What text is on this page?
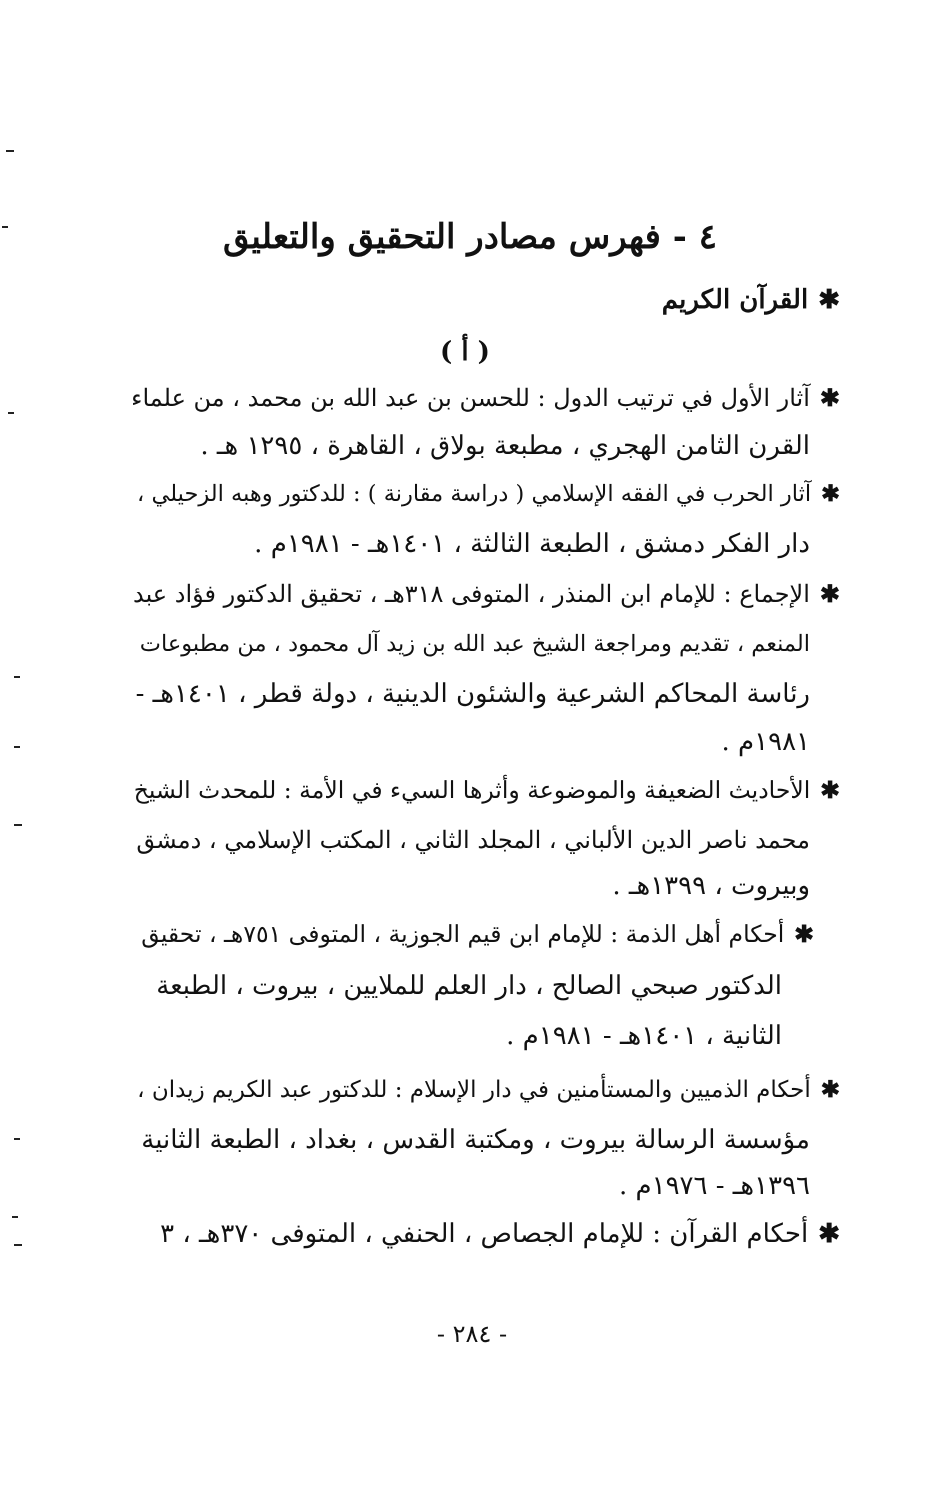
٤ - فهرس مصادر التحقيق والتعليق
✱القرآن الكريم
( أ )
✱آثار الأول في ترتيب الدول : للحسن بن عبد الله بن محمد ، من علماء
القرن الثامن الهجري ، مطبعة بولاق ، القاهرة ، ١٢٩٥ هـ .
✱آثار الحرب في الفقه الإسلامي ( دراسة مقارنة ) : للدكتور وهبه الزحيلي ،
دار الفكر دمشق ، الطبعة الثالثة ، ١٤٠١هـ - ١٩٨١م .
✱الإجماع : للإمام ابن المنذر ، المتوفى ٣١٨هـ ، تحقيق الدكتور فؤاد عبد
المنعم ، تقديم ومراجعة الشيخ عبد الله بن زيد آل محمود ، من مطبوعات
رئاسة المحاكم الشرعية والشئون الدينية ، دولة قطر ، ١٤٠١هـ -
١٩٨١م .
✱الأحاديث الضعيفة والموضوعة وأثرها السيء في الأمة : للمحدث الشيخ
محمد ناصر الدين الألباني ، المجلد الثاني ، المكتب الإسلامي ، دمشق
وبيروت ، ١٣٩٩هـ .
✱أحكام أهل الذمة : للإمام ابن قيم الجوزية ، المتوفى ٧٥١هـ ، تحقيق
الدكتور صبحي الصالح ، دار العلم للملايين ، بيروت ، الطبعة
الثانية ، ١٤٠١هـ - ١٩٨١م .
✱أحكام الذميين والمستأمنين في دار الإسلام : للدكتور عبد الكريم زيدان ،
مؤسسة الرسالة بيروت ، ومكتبة القدس ، بغداد ، الطبعة الثانية
١٣٩٦هـ - ١٩٧٦م .
✱أحكام القرآن : للإمام الجصاص ، الحنفي ، المتوفى ٣٧٠هـ ، ٣
- ٢٨٤ -
